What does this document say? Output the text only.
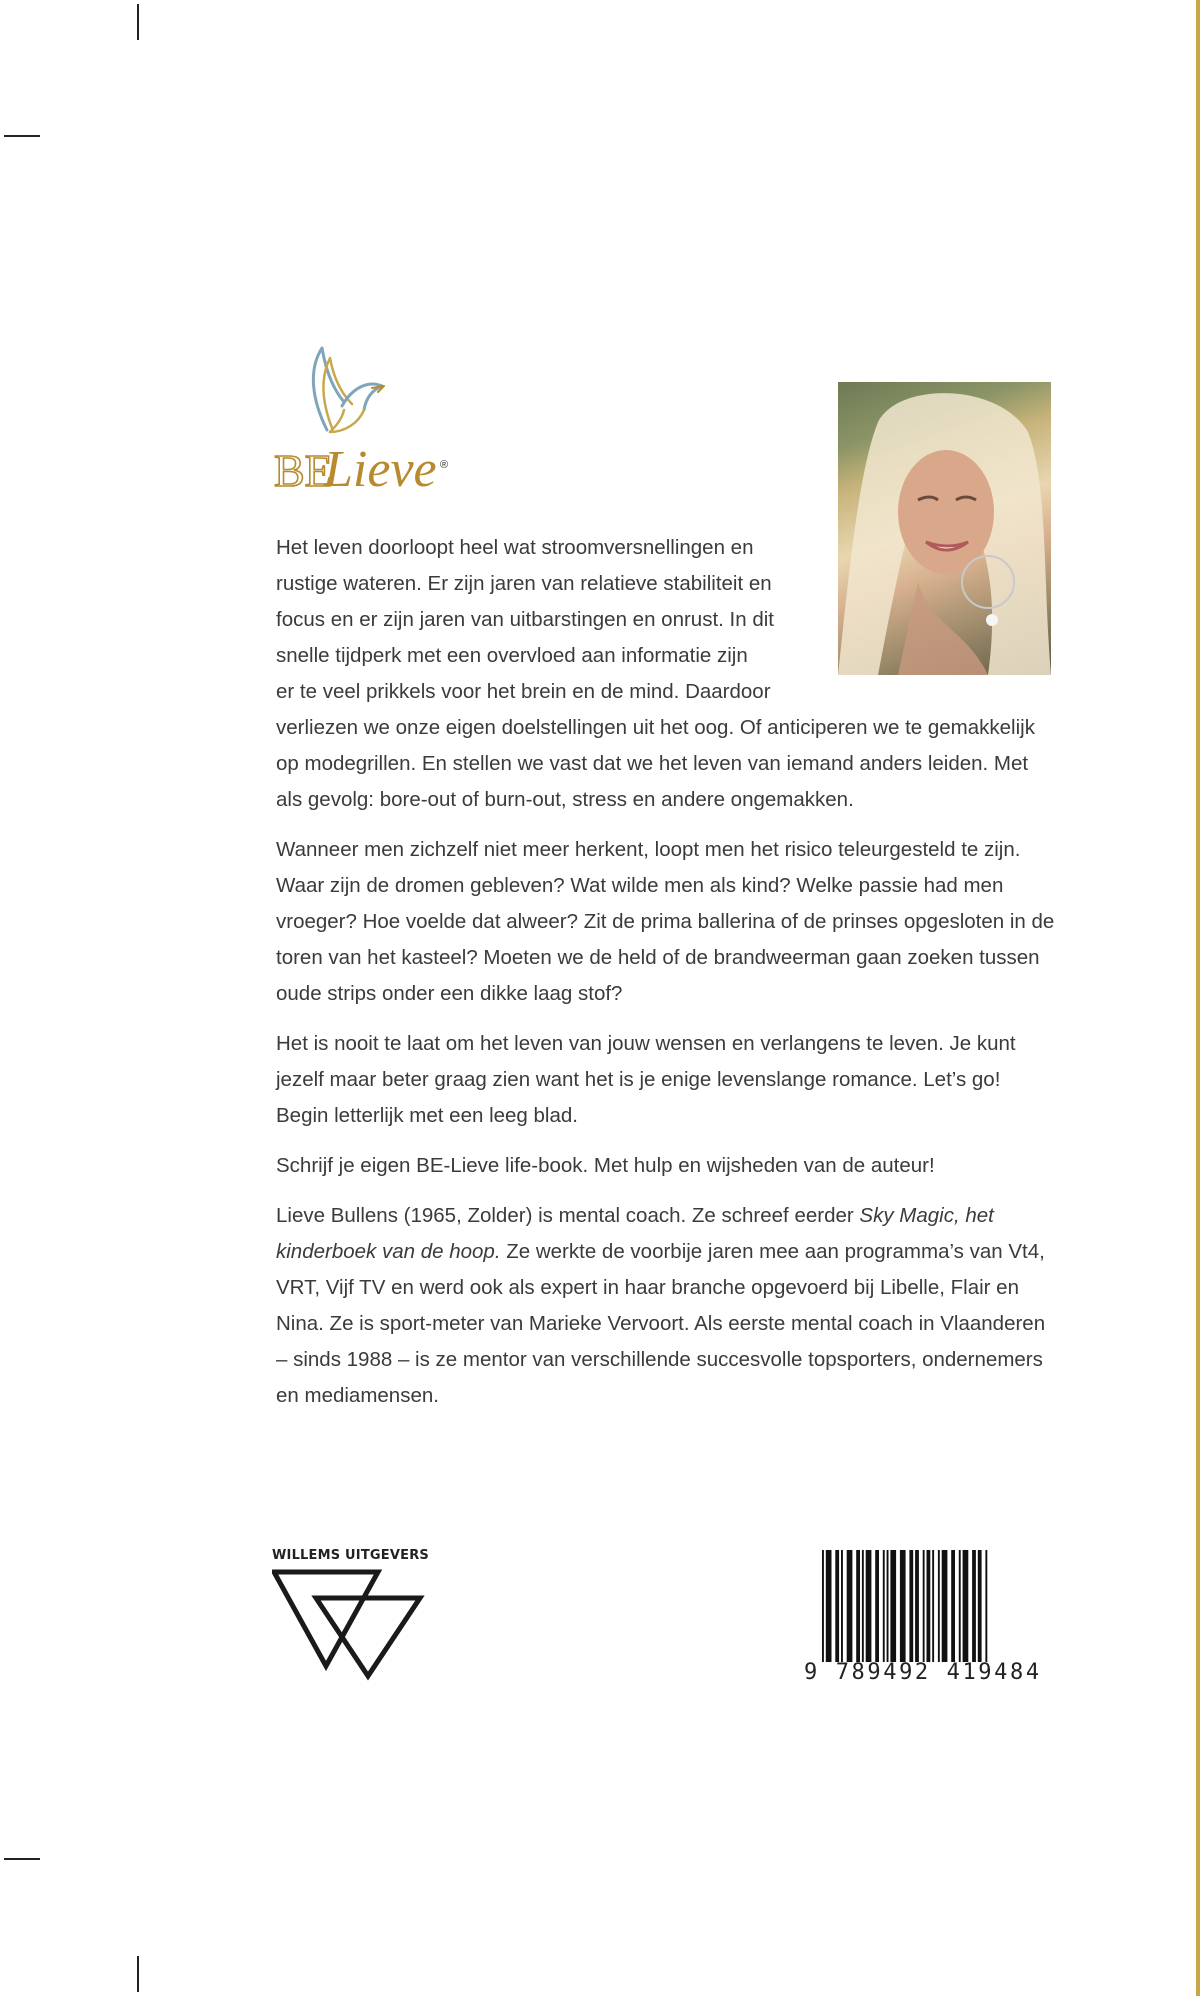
BE
Lieve ®

Het leven doorloopt heel wat stroomversnellingen en
rustige wateren. Er zijn jaren van relatieve stabiliteit en
focus en er zijn jaren van uitbarstingen en onrust. In dit
snelle tijdperk met een overvloed aan informatie zijn
er te veel prikkels voor het brein en de mind. Daardoor
verliezen we onze eigen doelstellingen uit het oog. Of anticiperen we te gemakkelijk op modegrillen. En stellen we vast dat we het leven van iemand anders leiden. Met als gevolg: bore-out of burn-out, stress en andere ongemakken.

Wanneer men zichzelf niet meer herkent, loopt men het risico teleurgesteld te zijn. Waar zijn de dromen gebleven? Wat wilde men als kind? Welke passie had men vroeger? Hoe voelde dat alweer? Zit de prima ballerina of de prinses opgesloten in de toren van het kasteel? Moeten we de held of de brandweerman gaan zoeken tussen oude strips onder een dikke laag stof?

Het is nooit te laat om het leven van jouw wensen en verlangens te leven. Je kunt jezelf maar beter graag zien want het is je enige levenslange romance. Let’s go! Begin letterlijk met een leeg blad.

Schrijf je eigen BE-Lieve life-book. Met hulp en wijsheden van de auteur!

Lieve Bullens (1965, Zolder) is mental coach. Ze schreef eerder Sky Magic, het kinderboek van de hoop. Ze werkte de voorbije jaren mee aan programma’s van Vt4, VRT, Vijf TV en werd ook als expert in haar branche opgevoerd bij Libelle, Flair en Nina. Ze is sport-meter van Marieke Vervoort. Als eerste mental coach in Vlaanderen – sinds 1988 – is ze mentor van verschillende succesvolle topsporters, ondernemers en mediamensen.

WILLEMS UITGEVERS
9 789492 419484
